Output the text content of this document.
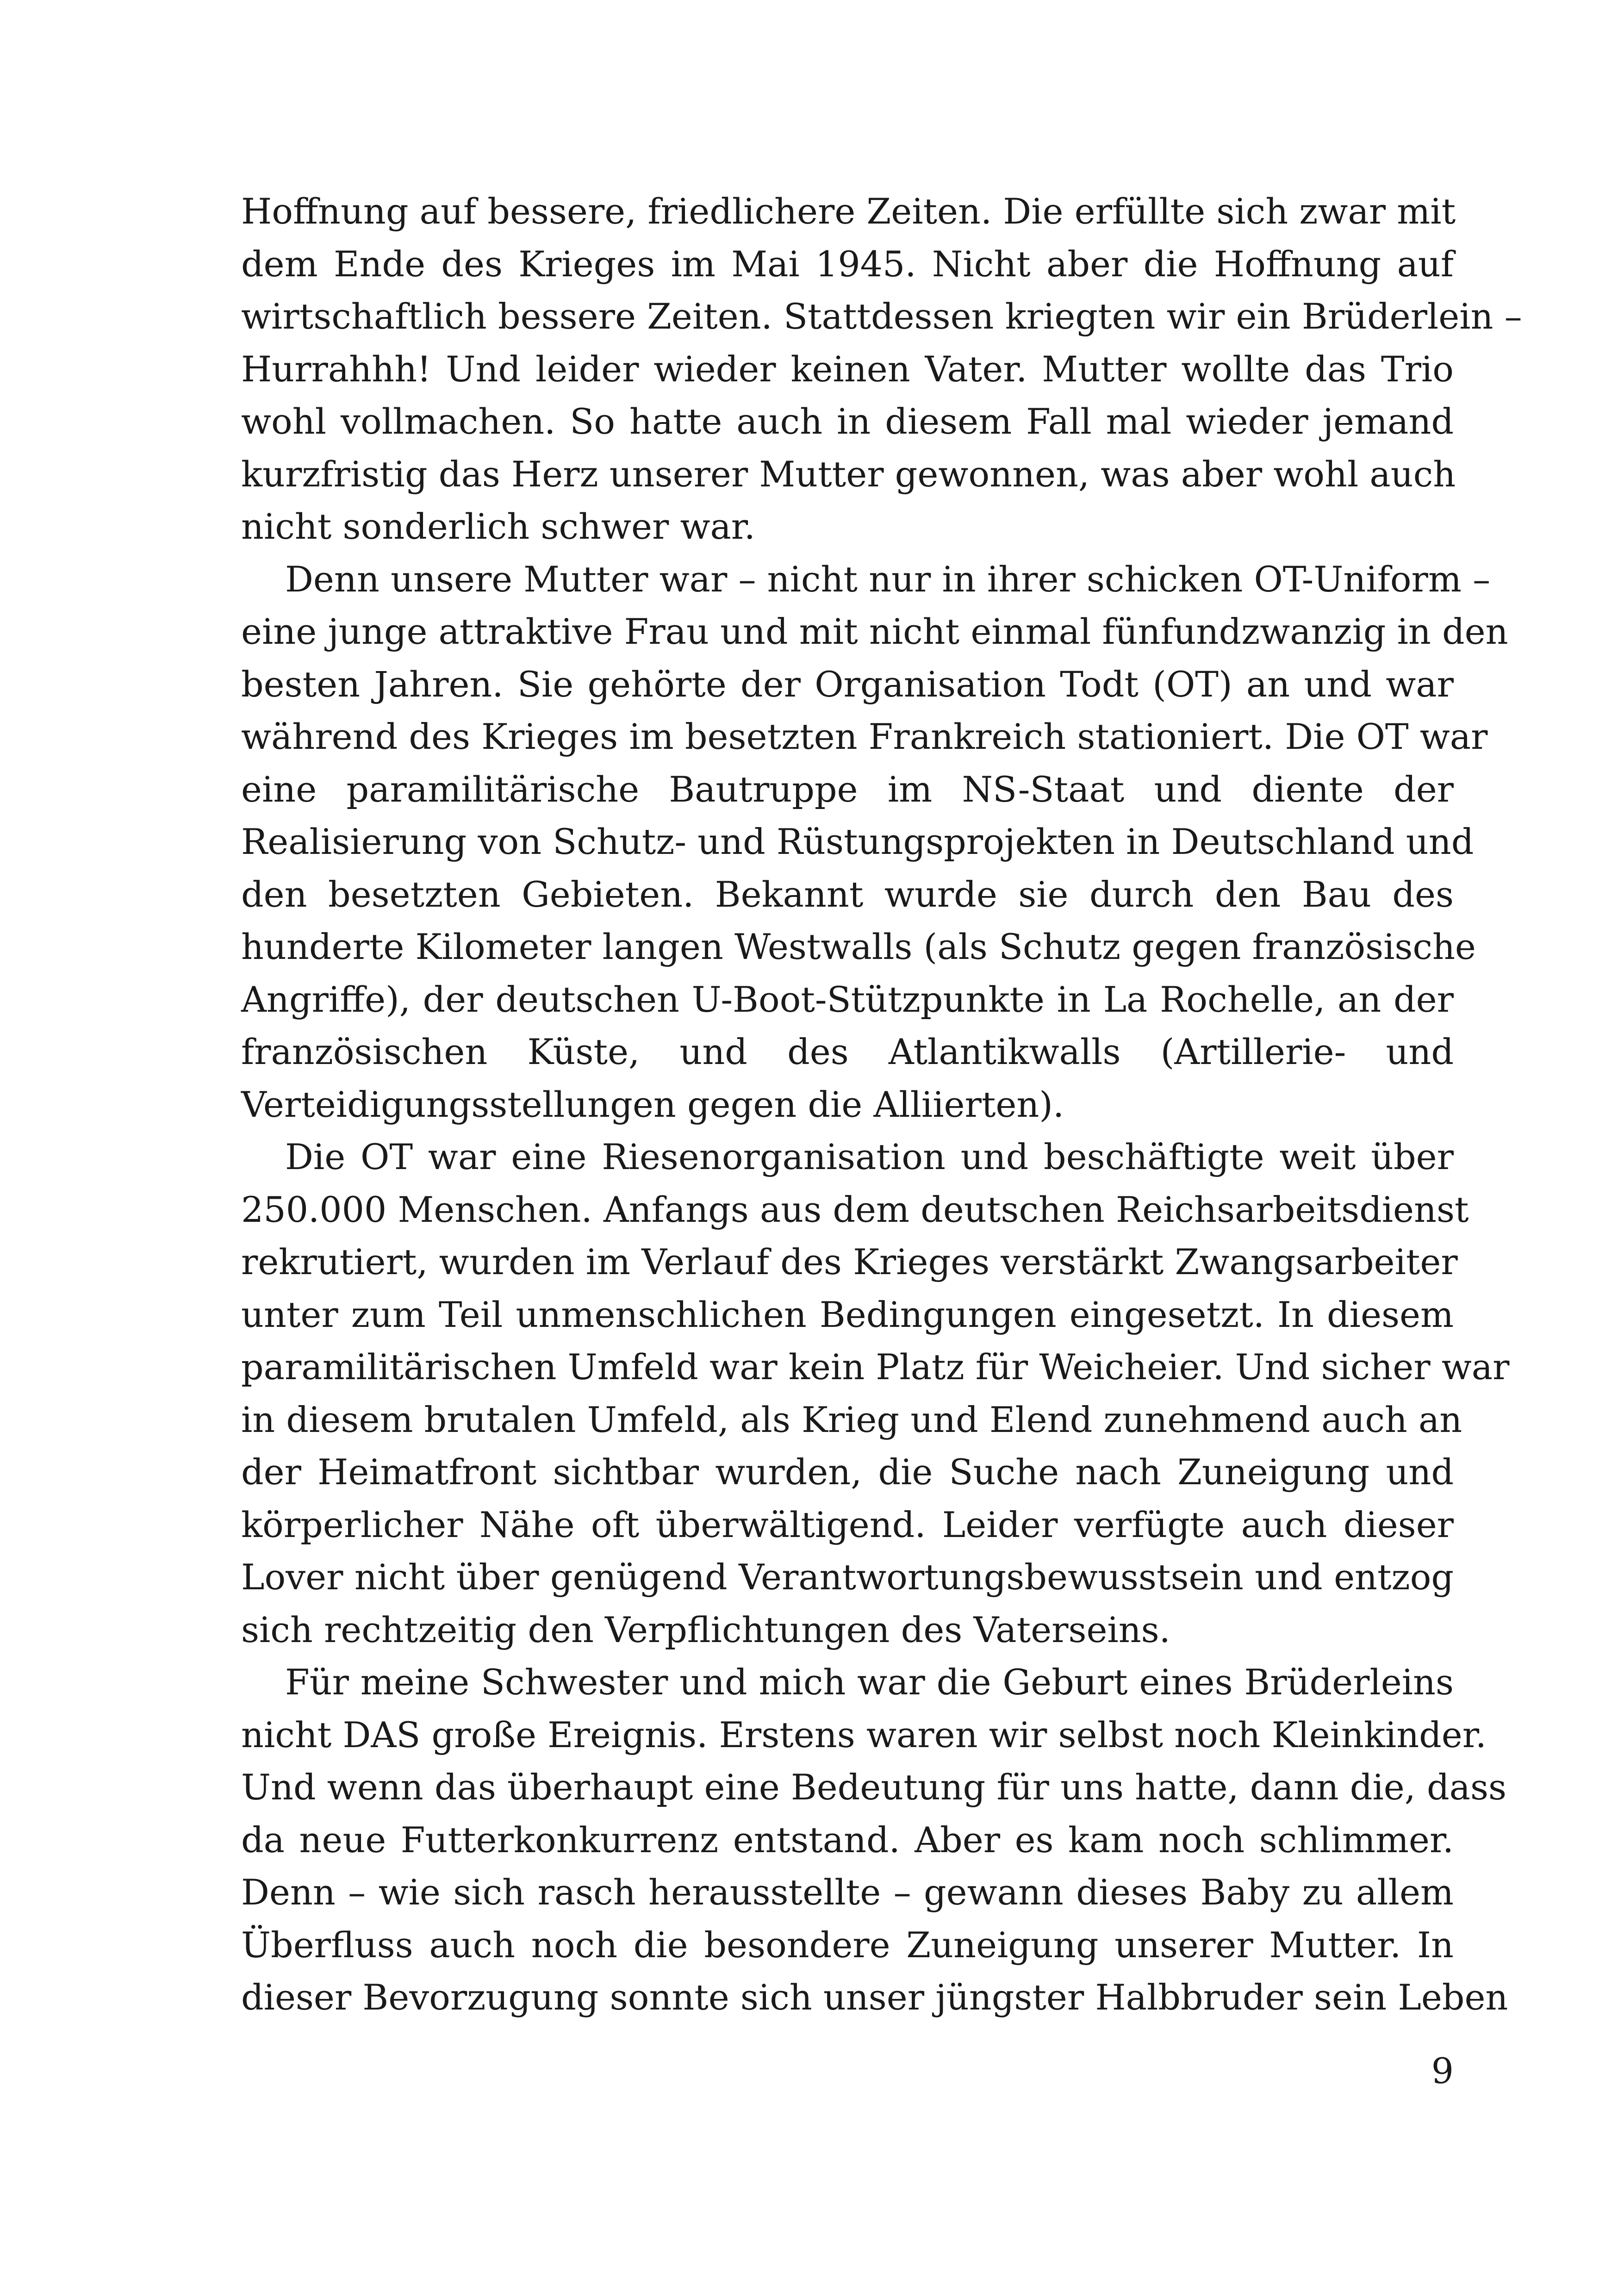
Hoffnung auf bessere, friedlichere Zeiten. Die erfüllte sich zwar mit
dem Ende des Krieges im Mai 1945. Nicht aber die Hoffnung auf
wirtschaftlich bessere Zeiten. Stattdessen kriegten wir ein Brüderlein –
Hurrahhh! Und leider wieder keinen Vater. Mutter wollte das Trio
wohl vollmachen. So hatte auch in diesem Fall mal wieder jemand
kurzfristig das Herz unserer Mutter gewonnen, was aber wohl auch
nicht sonderlich schwer war.
Denn unsere Mutter war – nicht nur in ihrer schicken OT-Uniform –
eine junge attraktive Frau und mit nicht einmal fünfundzwanzig in den
besten Jahren. Sie gehörte der Organisation Todt (OT) an und war
während des Krieges im besetzten Frankreich stationiert. Die OT war
eine paramilitärische Bautruppe im NS-Staat und diente der
Realisierung von Schutz- und Rüstungsprojekten in Deutschland und
den besetzten Gebieten. Bekannt wurde sie durch den Bau des
hunderte Kilometer langen Westwalls (als Schutz gegen französische
Angriffe), der deutschen U-Boot-Stützpunkte in La Rochelle, an der
französischen Küste, und des Atlantikwalls (Artillerie- und
Verteidigungsstellungen gegen die Alliierten).
Die OT war eine Riesenorganisation und beschäftigte weit über
250.000 Menschen. Anfangs aus dem deutschen Reichsarbeitsdienst
rekrutiert, wurden im Verlauf des Krieges verstärkt Zwangsarbeiter
unter zum Teil unmenschlichen Bedingungen eingesetzt. In diesem
paramilitärischen Umfeld war kein Platz für Weicheier. Und sicher war
in diesem brutalen Umfeld, als Krieg und Elend zunehmend auch an
der Heimatfront sichtbar wurden, die Suche nach Zuneigung und
körperlicher Nähe oft überwältigend. Leider verfügte auch dieser
Lover nicht über genügend Verantwortungsbewusstsein und entzog
sich rechtzeitig den Verpflichtungen des Vaterseins.
Für meine Schwester und mich war die Geburt eines Brüderleins
nicht DAS große Ereignis. Erstens waren wir selbst noch Kleinkinder.
Und wenn das überhaupt eine Bedeutung für uns hatte, dann die, dass
da neue Futterkonkurrenz entstand. Aber es kam noch schlimmer.
Denn – wie sich rasch herausstellte – gewann dieses Baby zu allem
Überfluss auch noch die besondere Zuneigung unserer Mutter. In
dieser Bevorzugung sonnte sich unser jüngster Halbbruder sein Leben
9
